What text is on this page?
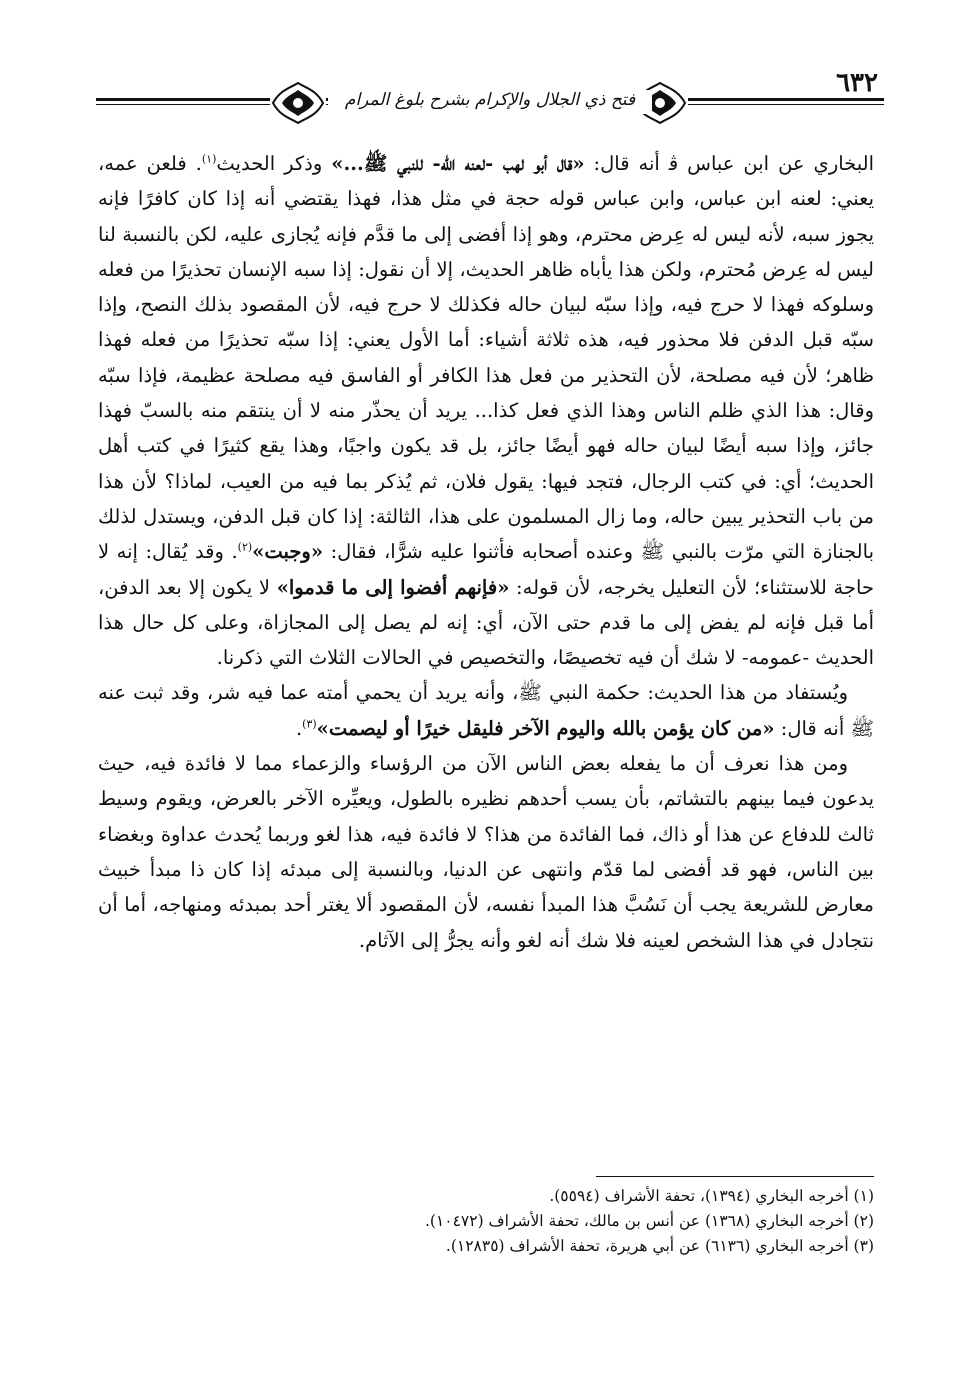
فتح ذي الجلال والإكرام بشرح بلوغ المرام
٦٣٢

البخاري عن ابن عباس ﭬ أنه قال: «قال أبو لهب -لعنه الله- للنبي ﷺ...» وذكر الحديث$^{(١)}$. فلعن عمه، يعني: لعنه ابن عباس، وابن عباس قوله حجة في مثل هذا، فهذا يقتضي أنه إذا كان كافرًا فإنه يجوز سبه، لأنه ليس له عِرض محترم، وهو إذا أفضى إلى ما قدَّم فإنه يُجازى عليه، لكن بالنسبة لنا ليس له عِرض مُحترم، ولكن هذا يأباه ظاهر الحديث، إلا أن نقول: إذا سبه الإنسان تحذيرًا من فعله وسلوكه فهذا لا حرج فيه، وإذا سبّه لبيان حاله فكذلك لا حرج فيه، لأن المقصود بذلك النصح، وإذا سبّه قبل الدفن فلا محذور فيه، هذه ثلاثة أشياء: أما الأول يعني: إذا سبّه تحذيرًا من فعله فهذا ظاهر؛ لأن فيه مصلحة، لأن التحذير من فعل هذا الكافر أو الفاسق فيه مصلحة عظيمة، فإذا سبّه وقال: هذا الذي ظلم الناس وهذا الذي فعل كذا... يريد أن يحذّر منه لا أن ينتقم منه بالسبّ فهذا جائز، وإذا سبه أيضًا لبيان حاله فهو أيضًا جائز، بل قد يكون واجبًا، وهذا يقع كثيرًا في كتب أهل الحديث؛ أي: في كتب الرجال، فتجد فيها: يقول فلان، ثم يُذكر بما فيه من العيب، لماذا؟ لأن هذا من باب التحذير يبين حاله، وما زال المسلمون على هذا، الثالثة: إذا كان قبل الدفن، ويستدل لذلك بالجنازة التي مرّت بالنبي ﷺ وعنده أصحابه فأثنوا عليه شرًّا، فقال: «وجبت»$^{(٢)}$. وقد يُقال: إنه لا حاجة للاستثناء؛ لأن التعليل يخرجه، لأن قوله: «فإنهم أفضوا إلى ما قدموا» لا يكون إلا بعد الدفن، أما قبل فإنه لم يفض إلى ما قدم حتى الآن، أي: إنه لم يصل إلى المجازاة، وعلى كل حال هذا الحديث -عمومه- لا شك أن فيه تخصيصًا، والتخصيص في الحالات الثلاث التي ذكرنا.

ويُستفاد من هذا الحديث: حكمة النبي ﷺ، وأنه يريد أن يحمي أمته عما فيه شر، وقد ثبت عنه ﷺ أنه قال: «من كان يؤمن بالله واليوم الآخر فليقل خيرًا أو ليصمت»$^{(٣)}$.

ومن هذا نعرف أن ما يفعله بعض الناس الآن من الرؤساء والزعماء مما لا فائدة فيه، حيث يدعون فيما بينهم بالتشاتم، بأن يسب أحدهم نظيره بالطول، ويعيِّره الآخر بالعرض، ويقوم وسيط ثالث للدفاع عن هذا أو ذاك، فما الفائدة من هذا؟ لا فائدة فيه، هذا لغو وربما يُحدث عداوة وبغضاء بين الناس، فهو قد أفضى لما قدّم وانتهى عن الدنيا، وبالنسبة إلى مبدئه إذا كان ذا مبدأ خبيث معارض للشريعة يجب أن نَسُبَّ هذا المبدأ نفسه، لأن المقصود ألا يغتر أحد بمبدئه ومنهاجه، أما أن نتجادل في هذا الشخص لعينه فلا شك أنه لغو وأنه يجرُّ إلى الآثام.

(١) أخرجه البخاري (١٣٩٤)، تحفة الأشراف (٥٥٩٤).
(٢) أخرجه البخاري (١٣٦٨) عن أنس بن مالك، تحفة الأشراف (١٠٤٧٢).
(٣) أخرجه البخاري (٦١٣٦) عن أبي هريرة، تحفة الأشراف (١٢٨٣٥).
